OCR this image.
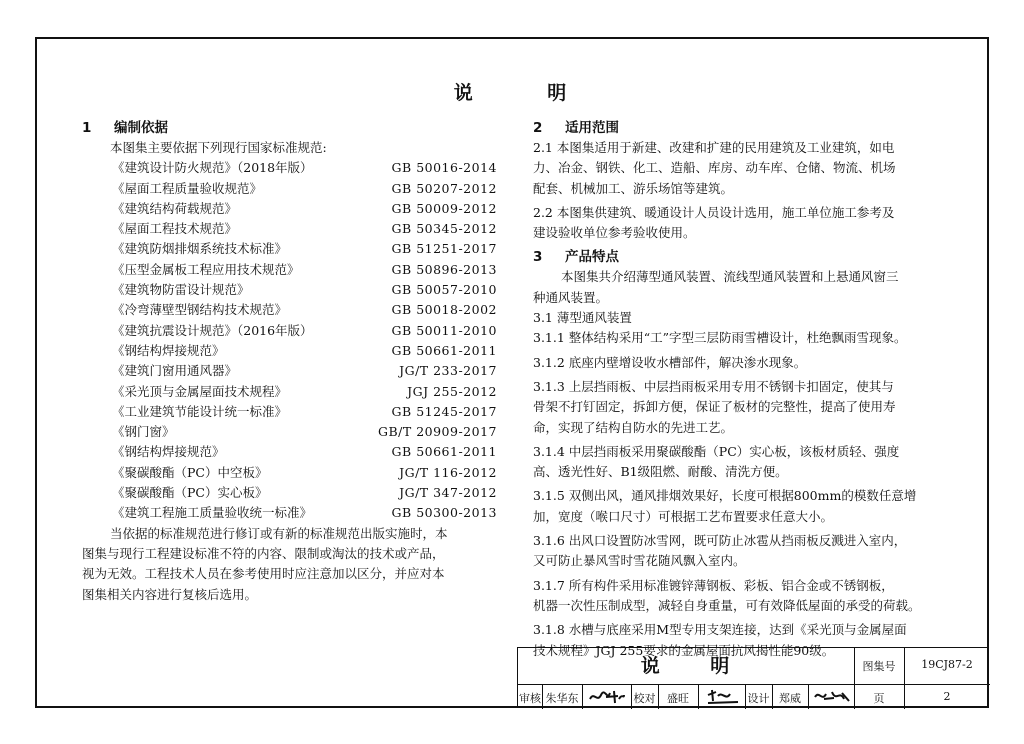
说 明
1 编制依据
本图集主要依据下列现行国家标准规范:
《建筑设计防火规范》（2018年版）	GB 50016-2014
《屋面工程质量验收规范》	GB 50207-2012
《建筑结构荷载规范》	GB 50009-2012
《屋面工程技术规范》	GB 50345-2012
《建筑防烟排烟系统技术标准》	GB 51251-2017
《压型金属板工程应用技术规范》	GB 50896-2013
《建筑物防雷设计规范》	GB 50057-2010
《冷弯薄壁型钢结构技术规范》	GB 50018-2002
《建筑抗震设计规范》（2016年版）	GB 50011-2010
《钢结构焊接规范》	GB 50661-2011
《建筑门窗用通风器》	JG/T 233-2017
《采光顶与金属屋面技术规程》	JGJ 255-2012
《工业建筑节能设计统一标准》	GB 51245-2017
《钢门窗》	GB/T 20909-2017
《钢结构焊接规范》	GB 50661-2011
《聚碳酸酯（PC）中空板》	JG/T 116-2012
《聚碳酸酯（PC）实心板》	JG/T 347-2012
《建筑工程施工质量验收统一标准》	GB 50300-2013
当依据的标准规范进行修订或有新的标准规范出版实施时，本
图集与现行工程建设标准不符的内容、限制或淘汰的技术或产品，
视为无效。工程技术人员在参考使用时应注意加以区分，并应对本
图集相关内容进行复核后选用。
2 适用范围
2.1 本图集适用于新建、改建和扩建的民用建筑及工业建筑，如电
力、冶金、钢铁、化工、造船、库房、动车库、仓储、物流、机场
配套、机械加工、游乐场馆等建筑。
2.2 本图集供建筑、暖通设计人员设计选用，施工单位施工参考及
建设验收单位参考验收使用。
3 产品特点
本图集共介绍薄型通风装置、流线型通风装置和上悬通风窗三
种通风装置。
3.1 薄型通风装置
3.1.1 整体结构采用“工”字型三层防雨雪槽设计，杜绝飘雨雪现象。
3.1.2 底座内壁增设收水槽部件，解决渗水现象。
3.1.3 上层挡雨板、中层挡雨板采用专用不锈钢卡扣固定，使其与
骨架不打钉固定，拆卸方便，保证了板材的完整性，提高了使用寿
命，实现了结构自防水的先进工艺。
3.1.4 中层挡雨板采用聚碳酸酯（PC）实心板，该板材质轻、强度
高、透光性好、B1级阻燃、耐酸、清洗方便。
3.1.5 双侧出风，通风排烟效果好，长度可根据800mm的模数任意增
加，宽度（喉口尺寸）可根据工艺布置要求任意大小。
3.1.6 出风口设置防冰雪网，既可防止冰雹从挡雨板反溅进入室内，
又可防止暴风雪时雪花随风飘入室内。
3.1.7 所有构件采用标准镀锌薄钢板、彩板、铝合金或不锈钢板，
机器一次性压制成型，减轻自身重量，可有效降低屋面的承受的荷载。
3.1.8 水槽与底座采用M型专用支架连接，达到《采光顶与金属屋面
技术规程》JGJ 255要求的金属屋面抗风揭性能90级。
说 明	图集号	19CJ87-2
审核 朱华东	校对	盛旺	设计 郑威	页	2
